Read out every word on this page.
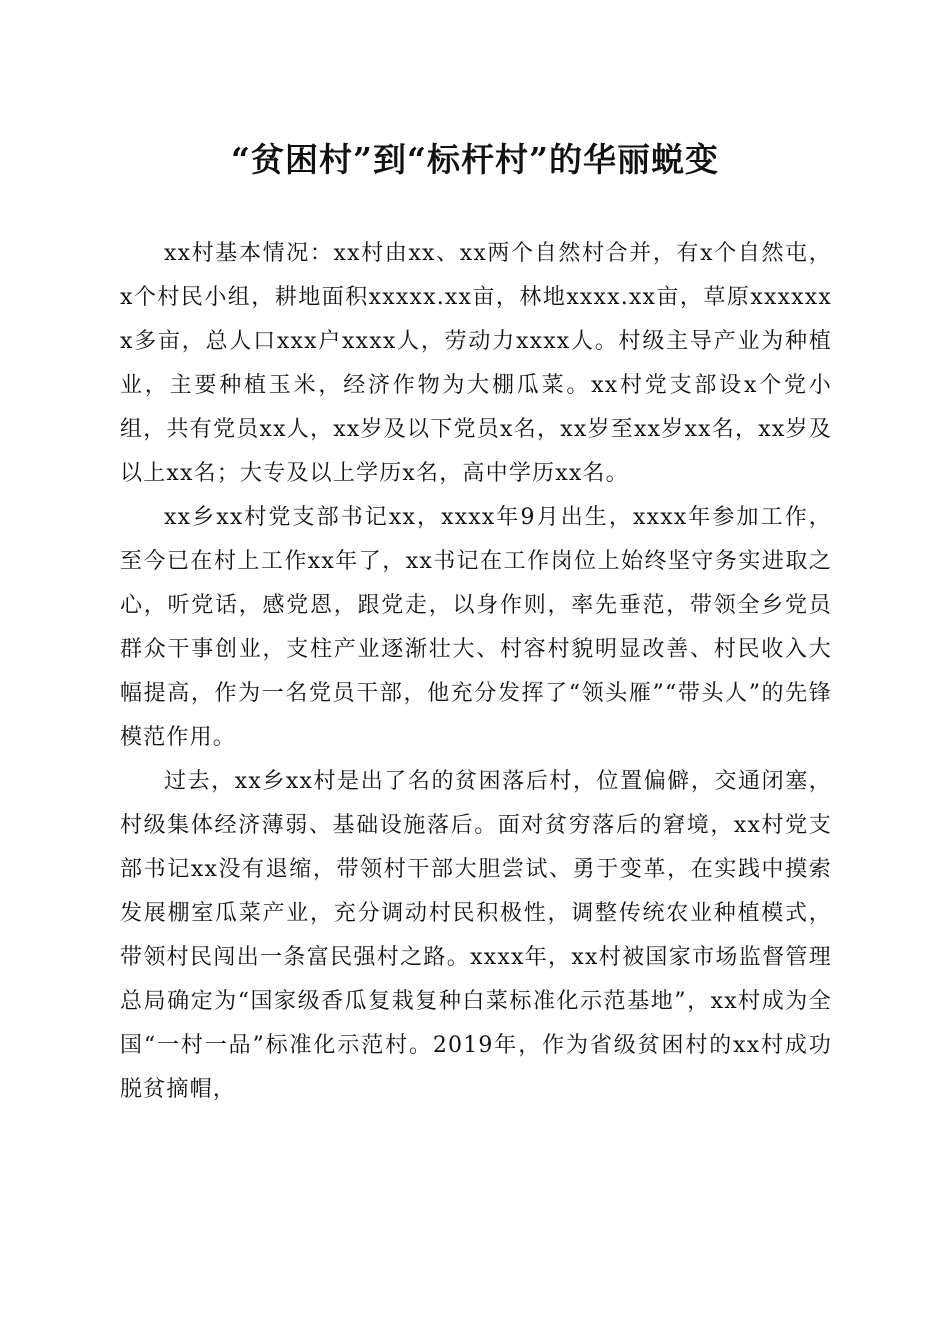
“贫困村”到“标杆村”的华丽蜕变

xx村基本情况：xx村由xx、xx两个自然村合并，有x个自然屯，x个村民小组，耕地面积xxxxx.xx亩，林地xxxx.xx亩，草原xxxxxxx多亩，总人口xxx户xxxx人，劳动力xxxx人。村级主导产业为种植业，主要种植玉米，经济作物为大棚瓜菜。xx村党支部设x个党小组，共有党员xx人，xx岁及以下党员x名，xx岁至xx岁xx名，xx岁及以上xx名；大专及以上学历x名，高中学历xx名。

xx乡xx村党支部书记xx，xxxx年9月出生，xxxx年参加工作，至今已在村上工作xx年了，xx书记在工作岗位上始终坚守务实进取之心，听党话，感党恩，跟党走，以身作则，率先垂范，带领全乡党员群众干事创业，支柱产业逐渐壮大、村容村貌明显改善、村民收入大幅提高，作为一名党员干部，他充分发挥了“领头雁”“带头人”的先锋模范作用。

过去，xx乡xx村是出了名的贫困落后村，位置偏僻，交通闭塞，村级集体经济薄弱、基础设施落后。面对贫穷落后的窘境，xx村党支部书记xx没有退缩，带领村干部大胆尝试、勇于变革，在实践中摸索发展棚室瓜菜产业，充分调动村民积极性，调整传统农业种植模式，带领村民闯出一条富民强村之路。xxxx年，xx村被国家市场监督管理总局确定为“国家级香瓜复栽复种白菜标准化示范基地”，xx村成为全国“一村一品”标准化示范村。2019年，作为省级贫困村的xx村成功脱贫摘帽，
